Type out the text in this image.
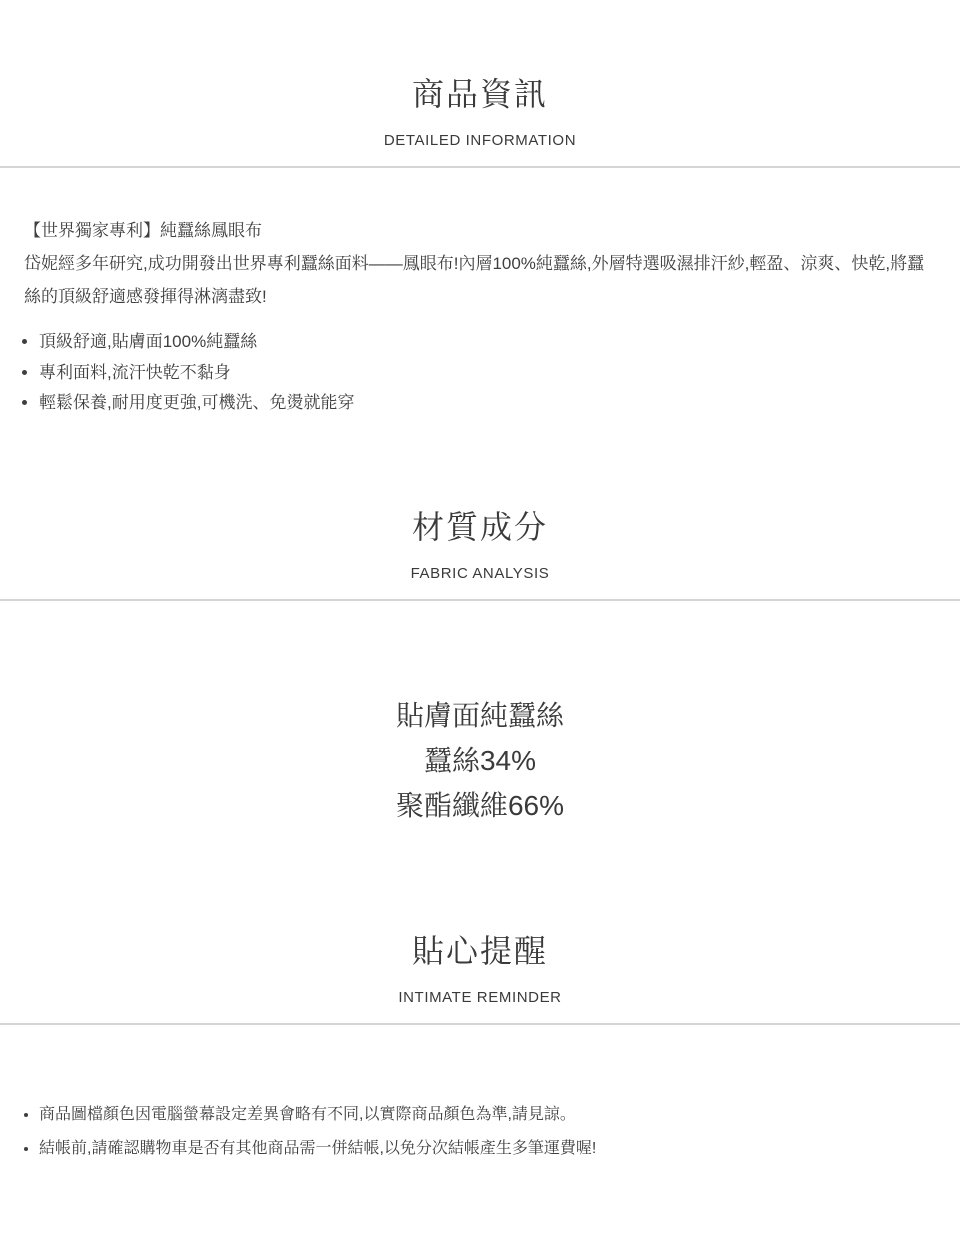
商品資訊
DETAILED INFORMATION

【世界獨家專利】純蠶絲鳳眼布

岱妮經多年研究,成功開發出世界專利蠶絲面料——鳳眼布!內層100%純蠶絲,外層特選吸濕排汗紗,輕盈、涼爽、快乾,將蠶絲的頂級舒適感發揮得淋漓盡致!

• 頂級舒適,貼膚面100%純蠶絲
• 專利面料,流汗快乾不黏身
• 輕鬆保養,耐用度更強,可機洗、免燙就能穿
材質成分
FABRIC ANALYSIS
貼膚面純蠶絲
蠶絲34%
聚酯纖維66%
貼心提醒
INTIMATE REMINDER
• 商品圖檔顏色因電腦螢幕設定差異會略有不同,以實際商品顏色為準,請見諒。
• 結帳前,請確認購物車是否有其他商品需一併結帳,以免分次結帳產生多筆運費喔!
